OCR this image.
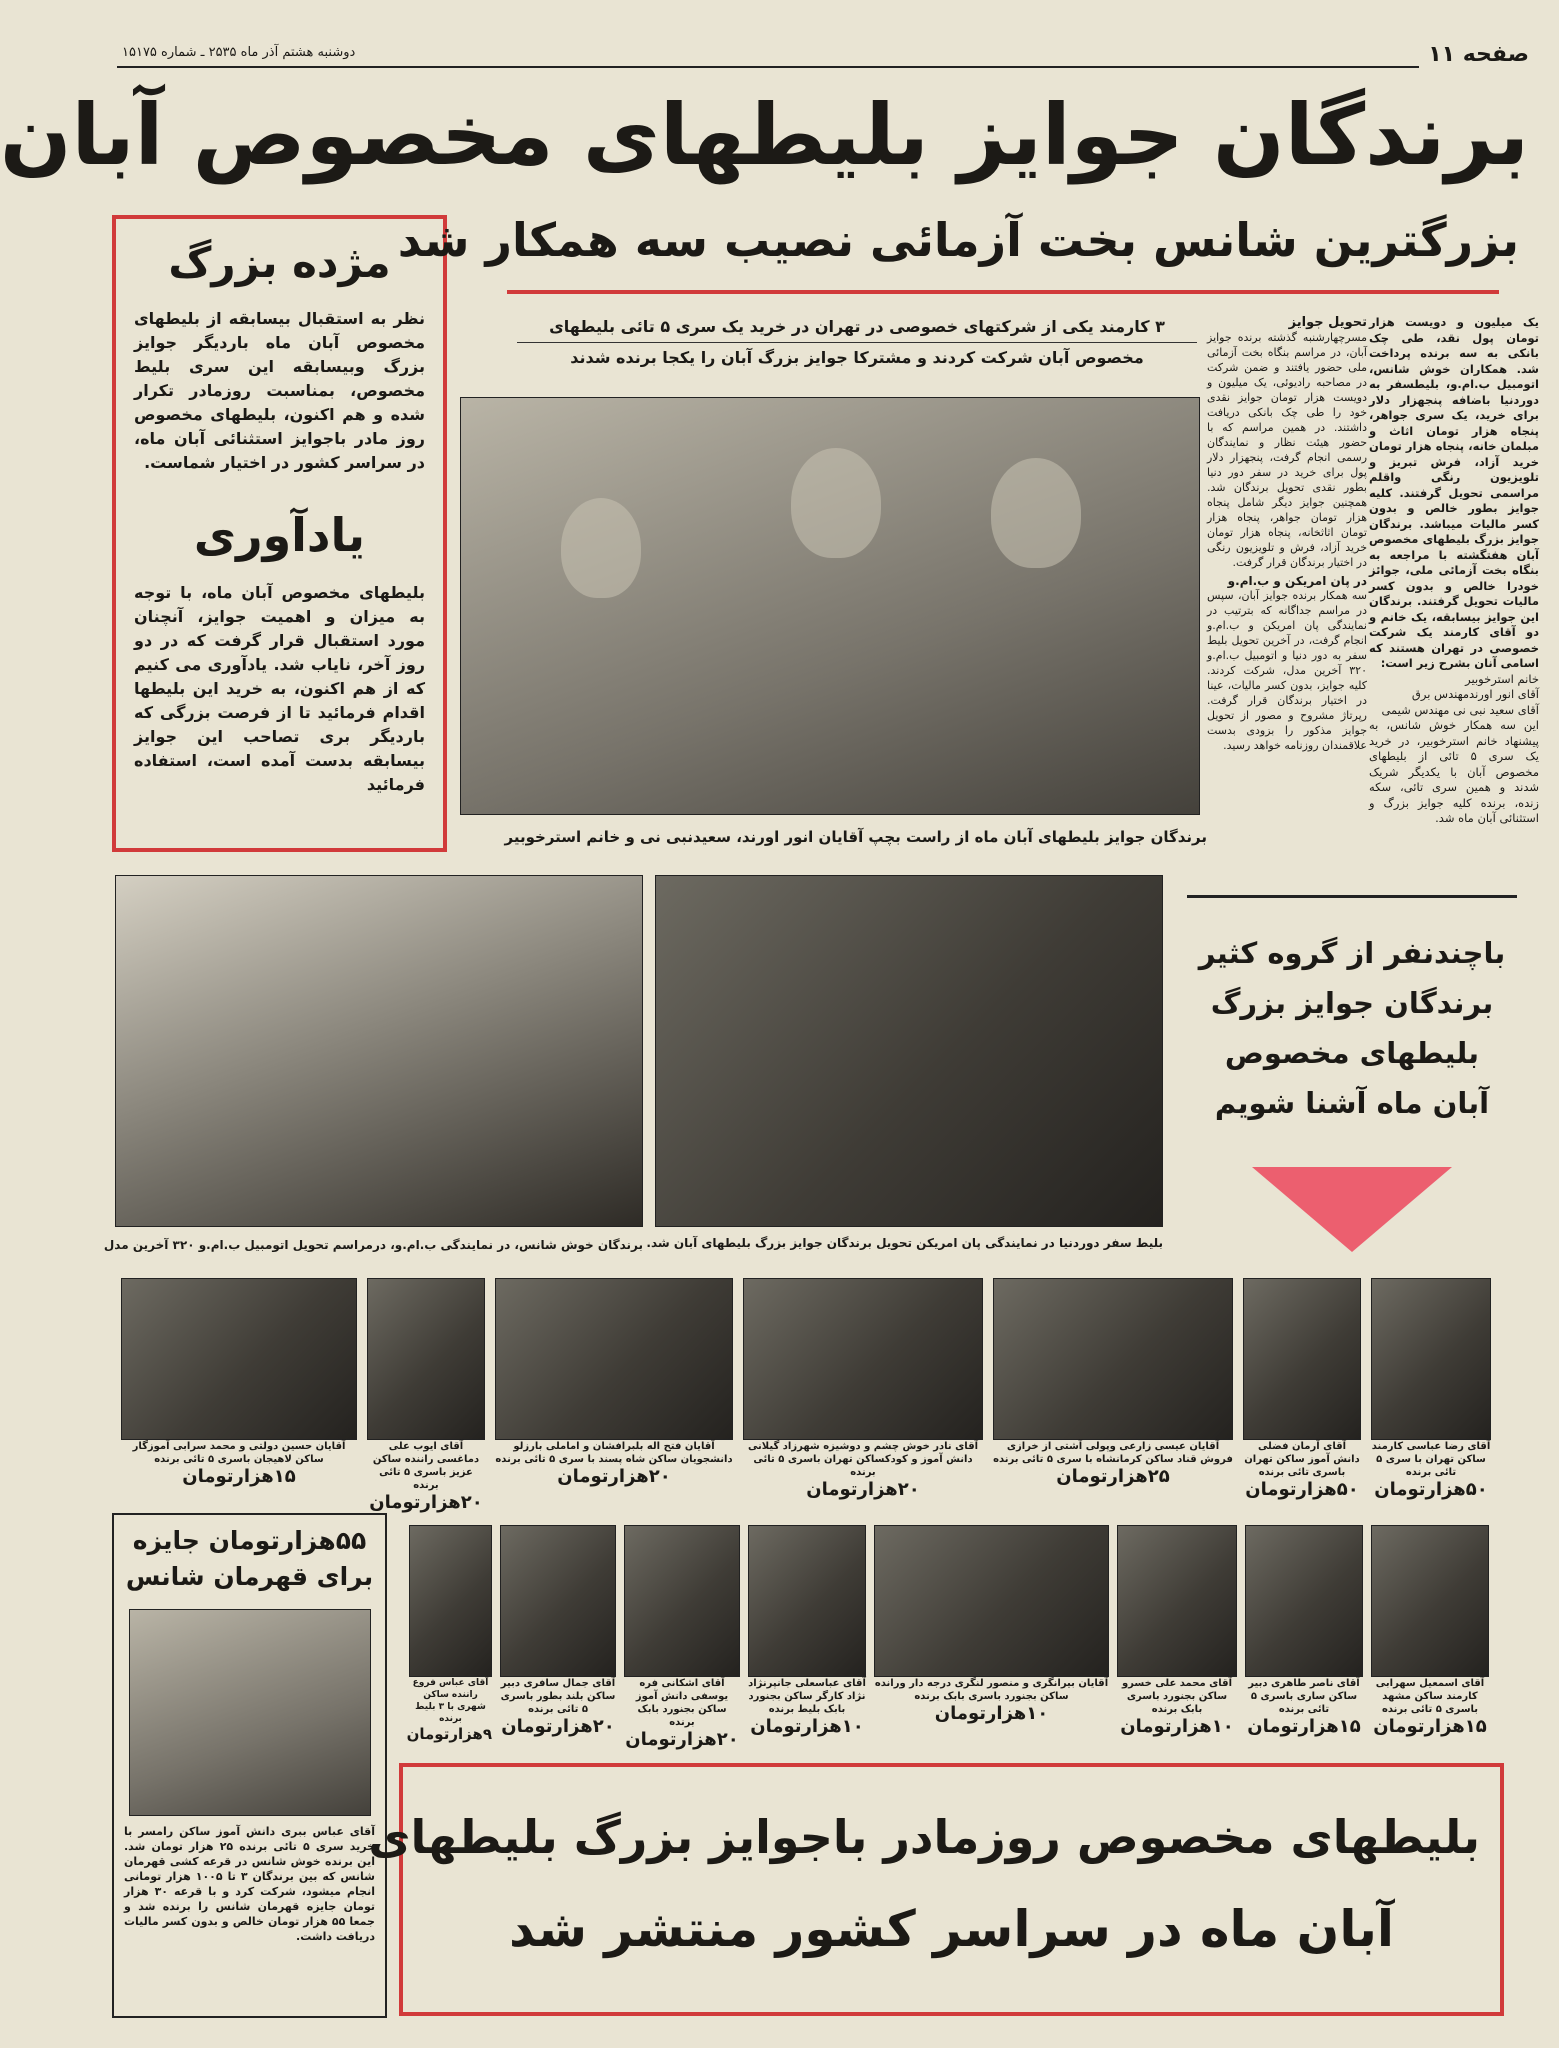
صفحه ۱۱
دوشنبه هشتم آذر ماه ۲۵۳۵ ـ شماره ۱۵۱۷۵
برندگان جوایز بلیطهای مخصوص آبان
مژده بزرگ
نظر به استقبال بیسابقه از بلیطهای مخصوص آبان ماه باردیگر جوایز بزرگ وبیسابقه این سری بلیط مخصوص، بمناسبت روزمادر تکرار شده و هم اکنون، بلیطهای مخصوص روز مادر باجوایز استثنائی آبان ماه، در سراسر کشور در اختیار شماست.
یادآوری
بلیطهای مخصوص آبان ماه، با توجه به میزان و اهمیت جوایز، آنچنان مورد استقبال قرار گرفت که در دو روز آخر، نایاب شد. یادآوری می کنیم که از هم اکنون، به خرید این بلیطها اقدام فرمائید تا از فرصت بزرگی که باردیگر بری تصاحب این جوایز بیسابقه بدست آمده است، استفاده فرمائید
بزرگترین شانس بخت آزمائی نصیب سه همکار شد
۳ کارمند یکی از شرکتهای خصوصی در تهران در خرید یک سری ۵ تائی بلیطهای
مخصوص آبان شرکت کردند و مشترکا جوایز بزرگ آبان را یکجا برنده شدند
برندگان جوایز بلیطهای آبان ماه از راست بچپ آقایان انور اورند، سعیدنبی نی و خانم استرخوبیر
تحویل جوایز
مسرچهارشنبه گذشته برنده جوایز آبان، در مراسم بنگاه بخت آزمائی ملی حضور یافتند و ضمن شرکت در مصاحبه رادیوئی، یک میلیون و دویست هزار تومان جوایز نقدی خود را طی چک بانکی دریافت داشتند. در همین مراسم که با حضور هیئت نظار و نمایندگان رسمی انجام گرفت، پنجهزار دلار پول برای خرید در سفر دور دنیا بطور نقدی تحویل برندگان شد. همچنین جوایز دیگر شامل پنجاه هزار تومان جواهر، پنجاه هزار تومان اثاثخانه، پنجاه هزار تومان خرید آزاد، فرش و تلویزیون رنگی در اختیار برندگان قرار گرفت.
در پان امریکن و ب.ام.و
سه همکار برنده جوایز آبان، سپس در مراسم جداگانه که بترتیب در نمایندگی پان امریکن و ب.ام.و انجام گرفت، در آخرین تحویل بلیط سفر به دور دنیا و اتومبیل ب.ام.و ۳۲۰ آخرین مدل، شرکت کردند. کلیه جوایز، بدون کسر مالیات، عینا در اختیار برندگان قرار گرفت. رپرتاژ مشروح و مصور از تحویل جوایز مذکور را بزودی بدست علاقمندان روزنامه خواهد رسید.
یک میلیون و دویست هزار تومان پول نقد، طی چک بانکی به سه برنده پرداخت شد. همکاران خوش شانس، اتومبیل ب.ام.و، بلیطسفر به دوردنیا باضافه پنجهزار دلار برای خرید، یک سری جواهر، پنجاه هزار تومان اثاث و مبلمان خانه، پنجاه هزار تومان خرید آزاد، فرش تبریز و تلویزیون رنگی واقلم مراسمی تحویل گرفتند. کلیه جوایز بطور خالص و بدون کسر مالیات میباشد. برندگان جوایز بزرگ بلیطهای مخصوص آبان هفتگشته با مراجعه به بنگاه بخت آزمائی ملی، جوائز خودرا خالص و بدون کسر مالیات تحویل گرفتند. برندگان این جوایز بیسابقه، یک خانم و دو آقای کارمند یک شرکت خصوصی در تهران هستند که اسامی آنان بشرح زیر است:
خانم استرخوبیر
آقای انور اورندمهندس برق
آقای سعید نبی نی مهندس شیمی
این سه همکار خوش شانس، به پیشنهاد خانم استرخوبیر، در خرید یک سری ۵ تائی از بلیطهای مخصوص آبان با یکدیگر شریک شدند و همین سری تائی، سکه زنده، برنده کلیه جوایز بزرگ و استثنائی آبان ماه شد.
برندگان خوش شانس، در نمایندگی ب.ام.و، درمراسم تحویل اتومبیل ب.ام.و ۳۲۰ آخرین مدل بلیط سفر دوردنیا در نمایندگی پان امریکن تحویل برندگان جوایز بزرگ بلیطهای آبان شد.
باچندنفر از گروه کثیر برندگان جوایز بزرگ بلیطهای مخصوص آبان ماه آشنا شویم
آقای رضا عباسی کارمند ساکن تهران با سری ۵ تائی برنده
۵۰هزارتومان
آقای آرمان فضلی دانش آموز ساکن تهران باسری تائی برنده
۵۰هزارتومان
آقایان عیسی زارعی وپولی آشتی از خرازی فروش قناد ساکن کرمانشاه با سری ۵ تائی برنده
۲۵هزارتومان
آقای نادر خوش چشم و دوشیزه شهرزاد گیلانی دانش آموز و کودکساکن تهران باسری ۵ تائی برنده
۲۰هزارتومان
آقایان فتح اله بلبرافشان و اماملی بارزلو دانشجویان ساکن شاه پسند با سری ۵ تائی برنده
۲۰هزارتومان
آقای ایوب علی دماغسی راننده ساکن عزیز باسری ۵ تائی برنده
۲۰هزارتومان
آقایان حسین دولتی و محمد سرابی آموزگار ساکن لاهیجان باسری ۵ تائی برنده
۱۵هزارتومان
۵۵هزارتومان جایزه برای قهرمان شانس
آقای عباس ببری دانش آموز ساکن رامسر با خرید سری ۵ تائی برنده ۲۵ هزار تومان شد. این برنده خوش شانس در قرعه کشی قهرمان شانس که بین برندگان ۳ تا ۱۰۰۵ هزار تومانی انجام میشود، شرکت کرد و با قرعه ۳۰ هزار تومان جایزه قهرمان شانس را برنده شد و جمعا ۵۵ هزار تومان خالص و بدون کسر مالیات دریافت داشت.
آقای اسمعیل سهرابی کارمند ساکن مشهد باسری ۵ تائی برنده
۱۵هزارتومان
آقای ناصر طاهری دبیر ساکن ساری باسری ۵ تائی برنده
۱۵هزارتومان
آقای محمد علی خسرو ساکن بجنورد باسری بابک برنده
۱۰هزارتومان
آقایان بیرانگری و منصور لنگری درجه دار ورانده ساکن بجنورد باسری بابک برنده
۱۰هزارتومان
آقای عباسعلی جانپرنژاد نژاد کارگر ساکن بجنورد بابک بلیط برنده
۱۰هزارتومان
آقای اشکانی فره یوسفی دانش آموز ساکن بجنورد بابک برنده
۲۰هزارتومان
آقای جمال سافری دبیر ساکن بلند بطور باسری ۵ تائی برنده
۲۰هزارتومان
آقای عباس فروع راننده ساکن شهری با ۳ بلیط برنده
۹هزارتومان
بلیطهای مخصوص روزمادر باجوایز بزرگ بلیطهای
آبان ماه در سراسر کشور منتشر شد
